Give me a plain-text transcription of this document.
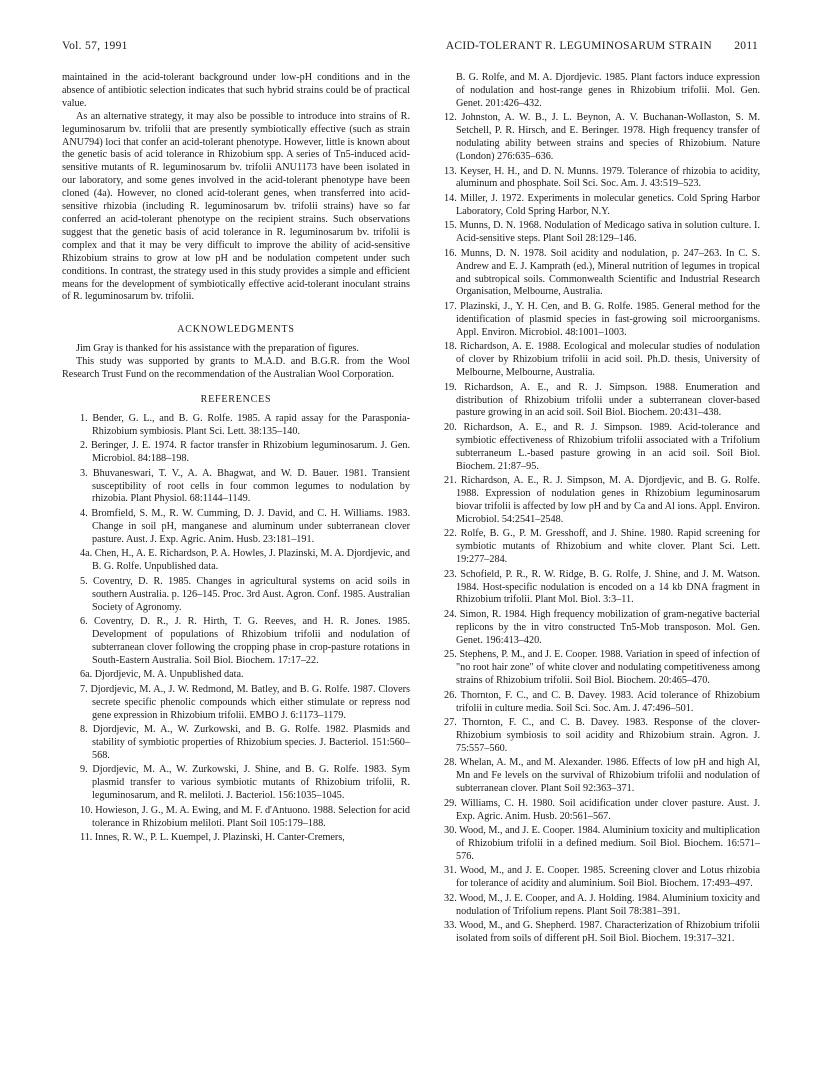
Vol. 57, 1991	ACID-TOLERANT R. LEGUMINOSARUM STRAIN	2011

maintained in the acid-tolerant background under low-pH conditions and in the absence of antibiotic selection indicates that such hybrid strains could be of practical value.

As an alternative strategy, it may also be possible to introduce into strains of R. leguminosarum bv. trifolii that are presently symbiotically effective (such as strain ANU794) loci that confer an acid-tolerant phenotype. However, little is known about the genetic basis of acid tolerance in Rhizobium spp. A series of Tn5-induced acid-sensitive mutants of R. leguminosarum bv. trifolii ANU1173 have been isolated in our laboratory, and some genes involved in the acid-tolerant phenotype have been cloned (4a). However, no cloned acid-tolerant genes, when transferred into acid-sensitive rhizobia (including R. leguminosarum bv. trifolii strains) have so far conferred an acid-tolerant phenotype on the recipient strains. Such observations suggest that the genetic basis of acid tolerance in R. leguminosarum bv. trifolii is complex and that it may be very difficult to improve the ability of acid-sensitive Rhizobium strains to grow at low pH and be nodulation competent under such conditions. In contrast, the strategy used in this study provides a simple and efficient means for the development of symbiotically effective acid-tolerant inoculant strains of R. leguminosarum bv. trifolii.

ACKNOWLEDGMENTS

Jim Gray is thanked for his assistance with the preparation of figures.

This study was supported by grants to M.A.D. and B.G.R. from the Wool Research Trust Fund on the recommendation of the Australian Wool Corporation.

REFERENCES

1. Bender, G. L., and B. G. Rolfe. 1985. A rapid assay for the Parasponia-Rhizobium symbiosis. Plant Sci. Lett. 38:135–140.

2. Beringer, J. E. 1974. R factor transfer in Rhizobium leguminosarum. J. Gen. Microbiol. 84:188–198.

3. Bhuvaneswari, T. V., A. A. Bhagwat, and W. D. Bauer. 1981. Transient susceptibility of root cells in four common legumes to nodulation by rhizobia. Plant Physiol. 68:1144–1149.

4. Bromfield, S. M., R. W. Cumming, D. J. David, and C. H. Williams. 1983. Change in soil pH, manganese and aluminum under subterranean clover pasture. Aust. J. Exp. Agric. Anim. Husb. 23:181–191.

4a. Chen, H., A. E. Richardson, P. A. Howles, J. Plazinski, M. A. Djordjevic, and B. G. Rolfe. Unpublished data.

5. Coventry, D. R. 1985. Changes in agricultural systems on acid soils in southern Australia. p. 126–145. Proc. 3rd Aust. Agron. Conf. 1985. Australian Society of Agronomy.

6. Coventry, D. R., J. R. Hirth, T. G. Reeves, and H. R. Jones. 1985. Development of populations of Rhizobium trifolii and nodulation of subterranean clover following the cropping phase in crop-pasture rotations in South-Eastern Australia. Soil Biol. Biochem. 17:17–22.

6a. Djordjevic, M. A. Unpublished data.

7. Djordjevic, M. A., J. W. Redmond, M. Batley, and B. G. Rolfe. 1987. Clovers secrete specific phenolic compounds which either stimulate or repress nod gene expression in Rhizobium trifolii. EMBO J. 6:1173–1179.

8. Djordjevic, M. A., W. Zurkowski, and B. G. Rolfe. 1982. Plasmids and stability of symbiotic properties of Rhizobium species. J. Bacteriol. 151:560–568.

9. Djordjevic, M. A., W. Zurkowski, J. Shine, and B. G. Rolfe. 1983. Sym plasmid transfer to various symbiotic mutants of Rhizobium trifolii, R. leguminosarum, and R. meliloti. J. Bacteriol. 156:1035–1045.

10. Howieson, J. G., M. A. Ewing, and M. F. d'Antuono. 1988. Selection for acid tolerance in Rhizobium meliloti. Plant Soil 105:179–188.

11. Innes, R. W., P. L. Kuempel, J. Plazinski, H. Canter-Cremers,

B. G. Rolfe, and M. A. Djordjevic. 1985. Plant factors induce expression of nodulation and host-range genes in Rhizobium trifolii. Mol. Gen. Genet. 201:426–432.

12. Johnston, A. W. B., J. L. Beynon, A. V. Buchanan-Wollaston, S. M. Setchell, P. R. Hirsch, and E. Beringer. 1978. High frequency transfer of nodulating ability between strains and species of Rhizobium. Nature (London) 276:635–636.

13. Keyser, H. H., and D. N. Munns. 1979. Tolerance of rhizobia to acidity, aluminum and phosphate. Soil Sci. Soc. Am. J. 43:519–523.

14. Miller, J. 1972. Experiments in molecular genetics. Cold Spring Harbor Laboratory, Cold Spring Harbor, N.Y.

15. Munns, D. N. 1968. Nodulation of Medicago sativa in solution culture. I. Acid-sensitive steps. Plant Soil 28:129–146.

16. Munns, D. N. 1978. Soil acidity and nodulation, p. 247–263. In C. S. Andrew and E. J. Kamprath (ed.), Mineral nutrition of legumes in tropical and subtropical soils. Commonwealth Scientific and Industrial Research Organisation, Melbourne, Australia.

17. Plazinski, J., Y. H. Cen, and B. G. Rolfe. 1985. General method for the identification of plasmid species in fast-growing soil microorganisms. Appl. Environ. Microbiol. 48:1001–1003.

18. Richardson, A. E. 1988. Ecological and molecular studies of nodulation of clover by Rhizobium trifolii in acid soil. Ph.D. thesis, University of Melbourne, Melbourne, Australia.

19. Richardson, A. E., and R. J. Simpson. 1988. Enumeration and distribution of Rhizobium trifolii under a subterranean clover-based pasture growing in an acid soil. Soil Biol. Biochem. 20:431–438.

20. Richardson, A. E., and R. J. Simpson. 1989. Acid-tolerance and symbiotic effectiveness of Rhizobium trifolii associated with a Trifolium subterraneum L.-based pasture growing in an acid soil. Soil Biol. Biochem. 21:87–95.

21. Richardson, A. E., R. J. Simpson, M. A. Djordjevic, and B. G. Rolfe. 1988. Expression of nodulation genes in Rhizobium leguminosarum biovar trifolii is affected by low pH and by Ca and Al ions. Appl. Environ. Microbiol. 54:2541–2548.

22. Rolfe, B. G., P. M. Gresshoff, and J. Shine. 1980. Rapid screening for symbiotic mutants of Rhizobium and white clover. Plant Sci. Lett. 19:277–284.

23. Schofield, P. R., R. W. Ridge, B. G. Rolfe, J. Shine, and J. M. Watson. 1984. Host-specific nodulation is encoded on a 14 kb DNA fragment in Rhizobium trifolii. Plant Mol. Biol. 3:3–11.

24. Simon, R. 1984. High frequency mobilization of gram-negative bacterial replicons by the in vitro constructed Tn5-Mob transposon. Mol. Gen. Genet. 196:413–420.

25. Stephens, P. M., and J. E. Cooper. 1988. Variation in speed of infection of "no root hair zone" of white clover and nodulating competitiveness among strains of Rhizobium trifolii. Soil Biol. Biochem. 20:465–470.

26. Thornton, F. C., and C. B. Davey. 1983. Acid tolerance of Rhizobium trifolii in culture media. Soil Sci. Soc. Am. J. 47:496–501.

27. Thornton, F. C., and C. B. Davey. 1983. Response of the clover-Rhizobium symbiosis to soil acidity and Rhizobium strain. Agron. J. 75:557–560.

28. Whelan, A. M., and M. Alexander. 1986. Effects of low pH and high Al, Mn and Fe levels on the survival of Rhizobium trifolii and nodulation of subterranean clover. Plant Soil 92:363–371.

29. Williams, C. H. 1980. Soil acidification under clover pasture. Aust. J. Exp. Agric. Anim. Husb. 20:561–567.

30. Wood, M., and J. E. Cooper. 1984. Aluminium toxicity and multiplication of Rhizobium trifolii in a defined medium. Soil Biol. Biochem. 16:571–576.

31. Wood, M., and J. E. Cooper. 1985. Screening clover and Lotus rhizobia for tolerance of acidity and aluminium. Soil Biol. Biochem. 17:493–497.

32. Wood, M., J. E. Cooper, and A. J. Holding. 1984. Aluminium toxicity and nodulation of Trifolium repens. Plant Soil 78:381–391.

33. Wood, M., and G. Shepherd. 1987. Characterization of Rhizobium trifolii isolated from soils of different pH. Soil Biol. Biochem. 19:317–321.
